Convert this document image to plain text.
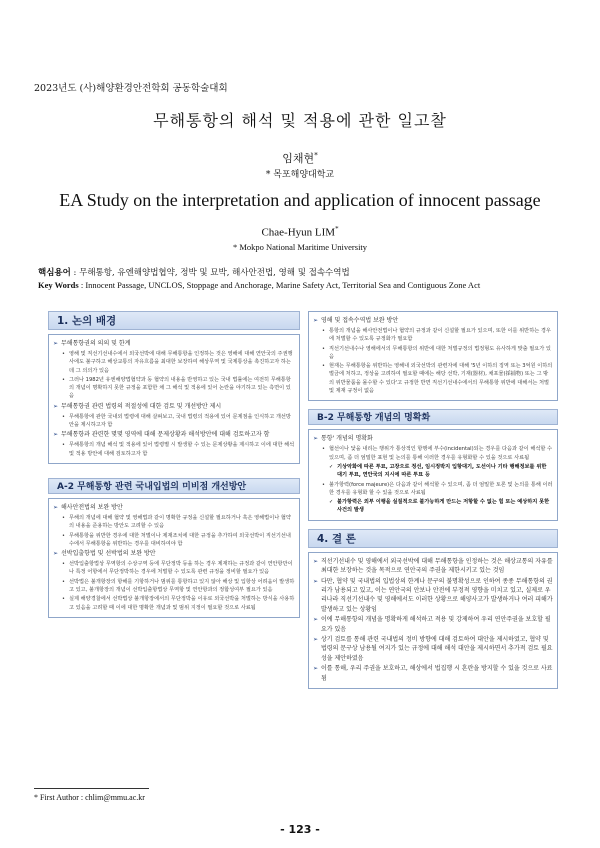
2023년도 (사)해양환경안전학회 공동학술대회
무해통항의 해석 및 적용에 관한 일고찰
임채현*
* 목포해양대학교
EA Study on the interpretation and application of innocent passage
Chae-Hyun LIM*
* Mokpo National Maritime University
핵심용어 : 무해통항, 유엔해양법협약, 정박 및 묘박, 해사안전법, 영해 및 접속수역법
Key Words : Innocent Passage, UNCLOS, Stoppage and Anchorage, Marine Safety Act, Territorial Sea and Contiguous Zone Act
1. 논의 배경
➢ 무해통항권의 의의 및 한계
• 영해 및 직선기선내수에서 외국선박에 대해 무해통항을 인정하는 것은 영해에 대해 연안국의 주권행사에도 불구하고 해상교통의 자유흐름을 최대한 보장하여 해상무역 및 국제통상을 촉진하고자 하는데 그 의의가 있음
• 그러나 1982년 유엔해양법협약과 동 협약의 내용을 반영하고 있는 국내 법률에는 여전히 무해통항의 개념이 명확하지 못한 규정을 포함한 채 그 해석 및 적용에 있어 논란을 야기하고 있는 측면이 있음
➢ 무해통항권 관련 법령의 적절성에 대한 검토 및 개선방안 제시
• 무해통항에 관한 국내외 법령에 대해 살펴보고, 국내 법령의 적용에 있어 문제점을 인식하고 개선방안을 제시하고자 함
➢ 무해통항과 관련한 몇몇 영역에 대해 문제상황과 해석방안에 대해 검토하고자 함
• 무해통항의 개념 해석 및 적용에 있어 법령별 시 발생할 수 있는 문제상황을 제시하고 이에 대한 해석 및 적용 방안에 대해 검토하고자 함
A-2 무해통항 관련 국내입법의 미비점 개선방안
➢ 해사안전법의 보완 방안
• 무해의 개념에 대해 협약 및 영해법과 같이 명확한 규정을 신설할 필요하거나 혹은 영해법이나 협약의 내용을 준용하는 방안도 고려할 수 있음
• 무해통항을 위반한 경우에 대한 처벌이나 제재조치에 대한 규정을 추가하여 외국선박이 직선기선내수에서 무해통항을 위반하는 경우를 대비하여야 함
➢ 선박입출항법 및 선박법의 보완 방안
• 선박입출항법상 무역항의 수상구역 등에 무단정박 등을 하는 경우 제재하는 규정과 같이 연안항만이나 특정 어항에서 무단정박하는 경우에 처벌할 수 있도록 관련 규정을 정비할 필요가 있음
• 선박법은 불개항장의 항해를 기항하거나 범위를 통항하고 있지 않아 해상 및 입항상 어려움이 발생하고 있고, 불개항장의 개념이 선박입출항법상 무역항 및 연안항과의 정합성여부 필요가 있음
• 실제 해양경찰에서 선박법상 불개항장에서의 무단정박을 이유로 외국선박을 처벌하는 방식을 사용하고 있음을 고려할 때 이에 대한 명확한 개념과 및 범위 지정이 필요할 것으로 사료됨
➢ 영해 및 접속수역법 보완 방안
• 통항의 개념을 해사안전법이나 협약의 규정과 같이 신설할 필요가 있으며, 또한 이를 위반하는 경우에 처벌할 수 있도록 규정화가 필요함
• 직선기선내수나 영해에서의 무해통항의 위반에 대한 처벌규정의 법정형도 유사하게 맞출 필요가 있음
• 현재는 무해통항을 위반하는 영해내 외국선박의 관련자에 대해 '5년 이하의 징역 또는 3억원 이하의 벌금에 처하고, 정상을 고려하여 필요할 때에는 해당 선박, 기재(器材), 채포물(採捕物) 또는 그 밖의 위반물품을 몰수할 수 있다'고 규정한 반면 직선기선내수에서의 무해통항 위반에 대해서는 처벌 및 제재 규정이 없음
B-2 무해통항 개념의 명확화
➢ 통항' 개념의 명확화
• 협선이나 닻을 내리는 행위가 통상적인 항행에 부수(incidental)되는 경우를 다음과 같이 해석할 수 있으며, 좀 더 엄밀한 표현 및 논의를 통해 이러한 경우를 유형화할 수 있을 것으로 사료됨
✓ 기상악화에 따른 투묘, 고장으로 정선, 임시정박지 입항대기, 도선이나 기타 행해정보를 위한 대기 투묘, 연안국의 지시에 따른 투묘 등
• 불가항력(force majeure)은 다음과 같이 해석할 수 있으며, 좀 더 엄밀한 토론 및 논의를 통해 이러한 경우를 유형화 할 수 있을 것으로 사료됨
✓ 불가항력은 외부 이행을 실질적으로 불가능하게 만드는 저항할 수 없는 힘 또는 예상하지 못한 사건의 발생
4. 결 론
➢ 직선기선내수 및 영해에서 외국선박에 대해 무해통항을 인정하는 것은 해상교통의 자유를 최대한 보장하는 것을 목적으로 연안국의 주권을 제한시키고 있는 것임
➢ 다만, 협약 및 국내법의 입법상의 한계나 문구의 불명확성으로 인하여 종종 무해통항의 권리가 남용되고 있고, 이는 연안국의 안보나 안전에 부정적 영향을 미치고 있고, 실제로 우리나라 직선기선내수 및 영해에서도 이러한 상황으로 해양사고가 발생하거나 여러 피해가 발생하고 있는 상황임
➢ 이에 무해통항의 개념을 명확하게 해석하고 적용 및 강제하여 우리 연안주권을 보호할 필요가 있음
➢ 상기 검토를 통해 관련 국내법의 정비 방향에 대해 검토하여 대안을 제시하였고, 협약 및 법령의 문구상 남용될 여지가 있는 규정에 대해 해석 대안을 제시하면서 추가적 검토 필요성을 제안하였음
➢ 이를 통해, 우리 주권을 보호하고, 해상에서 법집행 시 혼란을 방지할 수 있을 것으로 사료됨
* First Author : chlim@mmu.ac.kr
- 123 -
